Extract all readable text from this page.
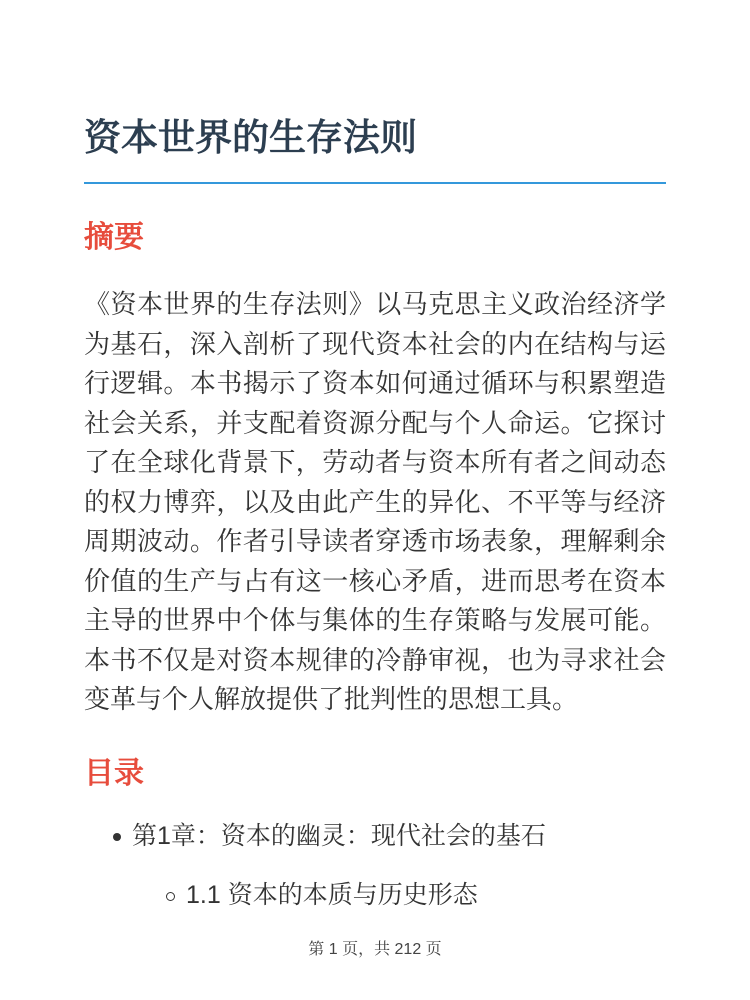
资本世界的生存法则
摘要

《资本世界的生存法则》以马克思主义政治经济学为基石，深入剖析了现代资本社会的内在结构与运行逻辑。本书揭示了资本如何通过循环与积累塑造社会关系，并支配着资源分配与个人命运。它探讨了在全球化背景下，劳动者与资本所有者之间动态的权力博弈，以及由此产生的异化、不平等与经济周期波动。作者引导读者穿透市场表象，理解剩余价值的生产与占有这一核心矛盾，进而思考在资本主导的世界中个体与集体的生存策略与发展可能。本书不仅是对资本规律的冷静审视，也为寻求社会变革与个人解放提供了批判性的思想工具。

目录
第1章：资本的幽灵：现代社会的基石
1.1 资本的本质与历史形态
第 1 页，共 212 页
